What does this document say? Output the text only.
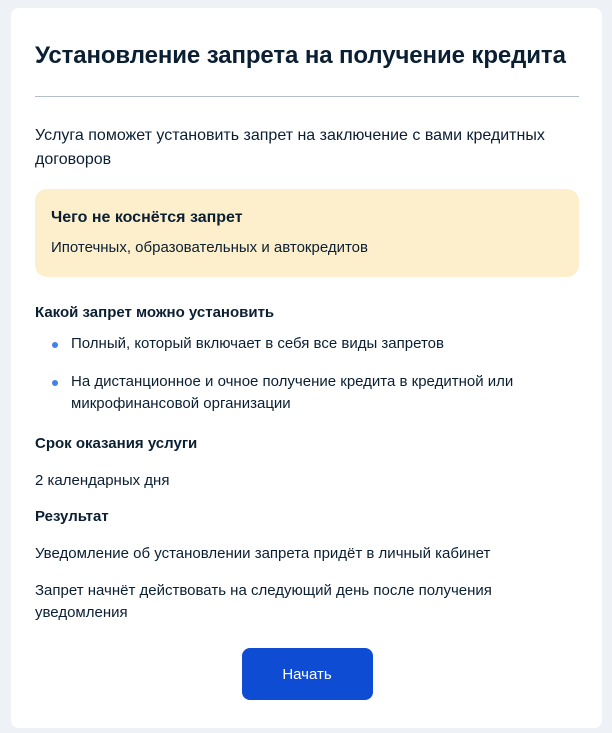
Установление запрета на получение кредита

Услуга поможет установить запрет на заключение с вами кредитных договоров

Чего не коснётся запрет

Ипотечных, образовательных и автокредитов

Какой запрет можно установить

Полный, который включает в себя все виды запретов
На дистанционное и очное получение кредита в кредитной или микрофинансовой организации

Срок оказания услуги

2 календарных дня

Результат

Уведомление об установлении запрета придёт в личный кабинет

Запрет начнёт действовать на следующий день после получения уведомления

Начать
